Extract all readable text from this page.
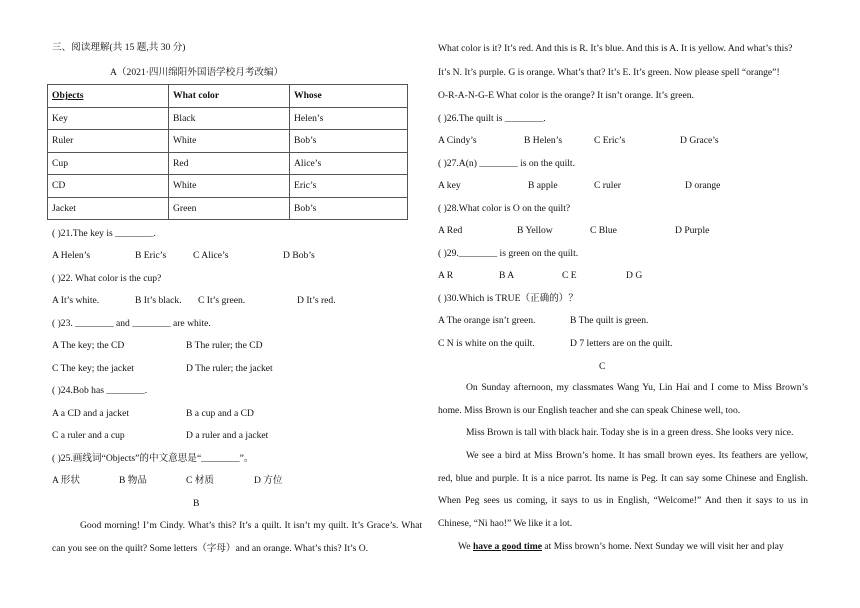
三、阅读理解(共 15 题,共 30 分)
A（2021·四川绵阳外国语学校月考改编）
Objects	What color	Whose
Key	Black	Helen’s
Ruler	White	Bob’s
Cup	Red	Alice’s
CD	White	Eric’s
Jacket	Green	Bob’s
( )21.The key is ________.
A Helen’s	B Eric’s	C Alice’s	D Bob’s
( )22. What color is the cup?
A It’s white.	B It’s black. C It’s green.	D It’s red.
( )23. ________ and ________ are white.
A The key; the CD	B The ruler; the CD
C The key; the jacket	D The ruler; the jacket
( )24.Bob has ________.
A a CD and a jacket	B a cup and a CD
C a ruler and a cup	D a ruler and a jacket
( )25.画线词“Objects”的中文意思是“________”。
A 形状	B 物品	C 材质	D 方位
B
Good morning! I’m Cindy. What’s this? It’s a quilt. It isn’t my quilt. It’s Grace’s. What can you see on the quilt? Some letters（字母）and an orange. What’s this? It’s O.
What color is it? It’s red. And this is R. It’s blue. And this is A. It is yellow. And what’s this?
It’s N. It’s purple. G is orange. What’s that? It’s E. It’s green. Now please spell “orange”!
O-R-A-N-G-E What color is the orange? It isn’t orange. It’s green.
( )26.The quilt is ________.
A Cindy’s	B Helen’s	C Eric’s	D Grace’s
( )27.A(n) ________ is on the quilt.
A key	B apple	C ruler	D orange
( )28.What color is O on the quilt?
A Red	B Yellow	C Blue	D Purple
( )29.________ is green on the quilt.
A R	B A	C E	D G
( )30.Which is TRUE（正确的）？
A The orange isn’t green.	B The quilt is green.
C N is white on the quilt.	D 7 letters are on the quilt.
C
On Sunday afternoon, my classmates Wang Yu, Lin Hai and I come to Miss Brown’s home. Miss Brown is our English teacher and she can speak Chinese well, too.
Miss Brown is tall with black hair. Today she is in a green dress. She looks very nice.
We see a bird at Miss Brown’s home. It has small brown eyes. Its feathers are yellow, red, blue and purple. It is a nice parrot. Its name is Peg. It can say some Chinese and English. When Peg sees us coming, it says to us in English, “Welcome!” And then it says to us in Chinese, “Ni hao!” We like it a lot.
We have a good time at Miss brown’s home. Next Sunday we will visit her and play
